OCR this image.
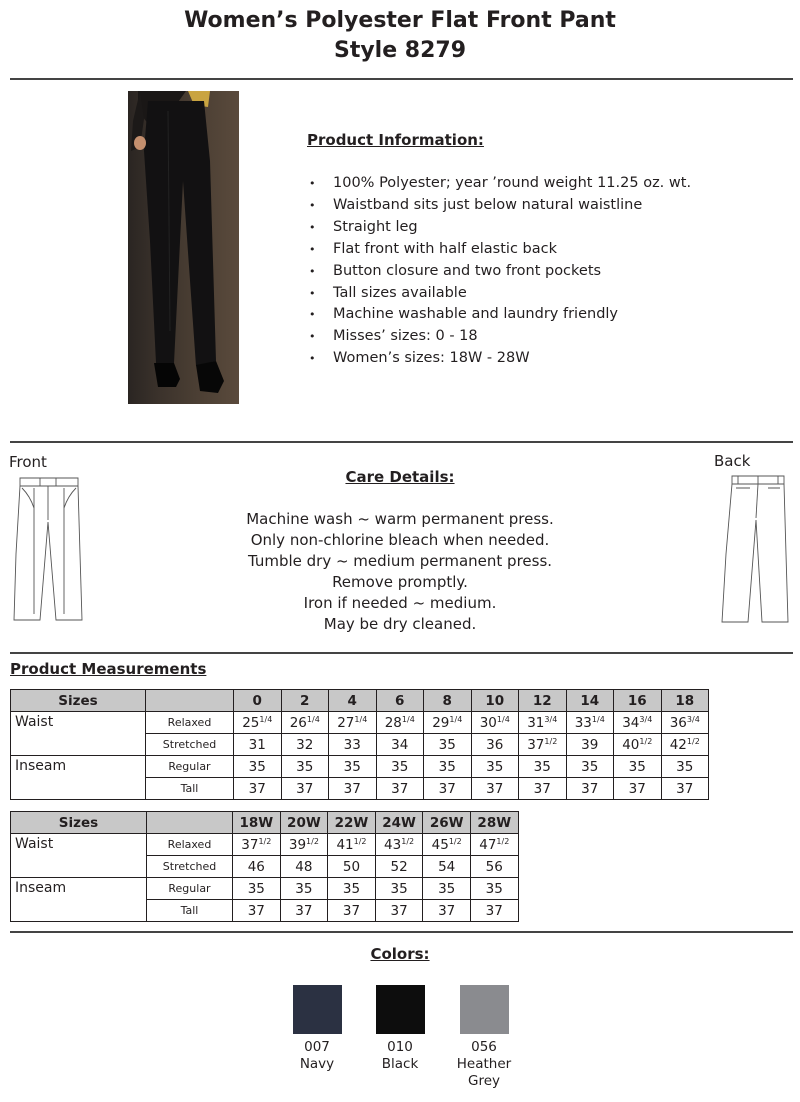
Women’s Polyester Flat Front Pant
Style 8279
Product Information:
• 100% Polyester; year ’round weight 11.25 oz. wt.
• Waistband sits just below natural waistline
• Straight leg
• Flat front with half elastic back
• Button closure and two front pockets
• Tall sizes available
• Machine washable and laundry friendly
• Misses’ sizes: 0 - 18
• Women’s sizes: 18W - 28W
Front	Back
Care Details:
Machine wash ~ warm permanent press.
Only non-chlorine bleach when needed.
Tumble dry ~ medium permanent press.
Remove promptly.
Iron if needed ~ medium.
May be dry cleaned.
Product Measurements
Sizes		0	2	4	6	8	10	12	14	16	18
Waist	Relaxed	$25^{1/4}$	$26^{1/4}$	$27^{1/4}$	$28^{1/4}$	$29^{1/4}$	$30^{1/4}$	$31^{3/4}$	$33^{1/4}$	$34^{3/4}$	$36^{3/4}$
	Stretched	31	32	33	34	35	36	$37^{1/2}$	39	$40^{1/2}$	$42^{1/2}$
Inseam	Regular	35	35	35	35	35	35	35	35	35	35
	Tall	37	37	37	37	37	37	37	37	37	37
Sizes		18W	20W	22W	24W	26W	28W
Waist	Relaxed	$37^{1/2}$	$39^{1/2}$	$41^{1/2}$	$43^{1/2}$	$45^{1/2}$	$47^{1/2}$
	Stretched	46	48	50	52	54	56
Inseam	Regular	35	35	35	35	35	35
	Tall	37	37	37	37	37	37
Colors:
007
Navy
010
Black
056
Heather Grey
